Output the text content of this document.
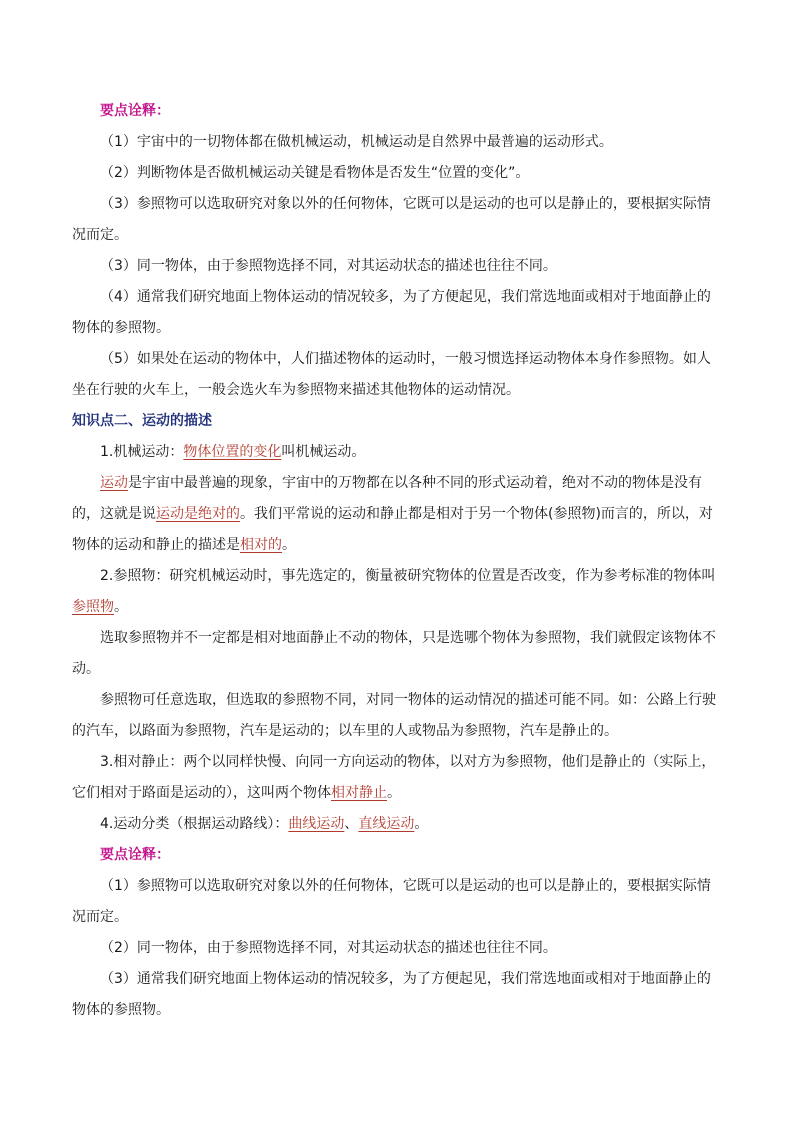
要点诠释：

（1）宇宙中的一切物体都在做机械运动，机械运动是自然界中最普遍的运动形式。

（2）判断物体是否做机械运动关键是看物体是否发生“位置的变化”。

（3）参照物可以选取研究对象以外的任何物体，它既可以是运动的也可以是静止的，要根据实际情况而定。

（3）同一物体，由于参照物选择不同，对其运动状态的描述也往往不同。

（4）通常我们研究地面上物体运动的情况较多，为了方便起见，我们常选地面或相对于地面静止的物体的参照物。

（5）如果处在运动的物体中，人们描述物体的运动时，一般习惯选择运动物体本身作参照物。如人坐在行驶的火车上，一般会选火车为参照物来描述其他物体的运动情况。

知识点二、运动的描述

1.机械运动：物体位置的变化叫机械运动。

运动是宇宙中最普遍的现象，宇宙中的万物都在以各种不同的形式运动着，绝对不动的物体是没有的，这就是说运动是绝对的。我们平常说的运动和静止都是相对于另一个物体(参照物)而言的，所以，对物体的运动和静止的描述是相对的。

2.参照物：研究机械运动时，事先选定的，衡量被研究物体的位置是否改变，作为参考标准的物体叫参照物。

选取参照物并不一定都是相对地面静止不动的物体，只是选哪个物体为参照物，我们就假定该物体不动。

参照物可任意选取，但选取的参照物不同，对同一物体的运动情况的描述可能不同。如：公路上行驶的汽车，以路面为参照物，汽车是运动的；以车里的人或物品为参照物，汽车是静止的。

3.相对静止：两个以同样快慢、向同一方向运动的物体，以对方为参照物，他们是静止的（实际上，它们相对于路面是运动的），这叫两个物体相对静止。

4.运动分类（根据运动路线）：曲线运动、直线运动。

要点诠释：

（1）参照物可以选取研究对象以外的任何物体，它既可以是运动的也可以是静止的，要根据实际情况而定。

（2）同一物体，由于参照物选择不同，对其运动状态的描述也往往不同。

（3）通常我们研究地面上物体运动的情况较多，为了方便起见，我们常选地面或相对于地面静止的物体的参照物。
